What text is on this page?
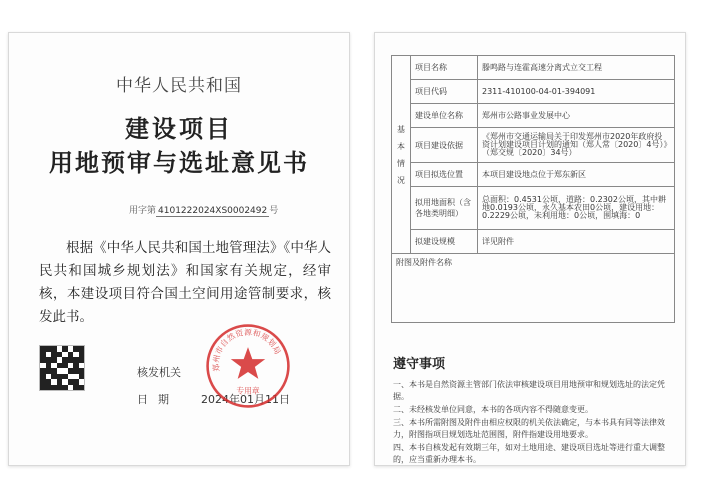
中华人民共和国
建设项目
用地预审与选址意见书
用字第 4101222024XS0002492 号
根据《中华人民共和国土地管理法》《中华人民共和国城乡规划法》和国家有关规定，经审核，本建设项目符合国土空间用途管制要求，核发此书。
核发机关
日期 2024年01月11日
郑州市自然资源和规划局
专用章
基本情况	项目名称	滕鸣路与连霍高速分离式立交工程
	项目代码	2311-410100-04-01-394091
	建设单位名称	郑州市公路事业发展中心
	项目建设依据	《郑州市交通运输局关于印发郑州市2020年政府投资计划建设项目计划的通知（郑人常〔2020〕4号）》（郑交规〔2020〕34号）
	项目拟选位置	本项目建设地点位于郑东新区
	拟用地面积（含各地类明细）	总面积：0.4531公顷，道路：0.2302公顷，其中耕地0.0193公顷，永久基本农田0公顷，建设用地：0.2229公顷，未利用地：0公顷，围填海：0
	拟建设规模	详见附件
附图及附件名称		
遵守事项
一、本书是自然资源主管部门依法审核建设项目用地预审和规划选址的法定凭据。
二、未经核发单位同意，本书的各项内容不得随意变更。
三、本书所需附图及附件由相应权限的机关依法确定，与本书具有同等法律效力，附图指项目规划选址范围图，附件指建设用地要求。
四、本书自核发起有效期三年，如对土地用途、建设项目选址等进行重大调整的，应当重新办理本书。
